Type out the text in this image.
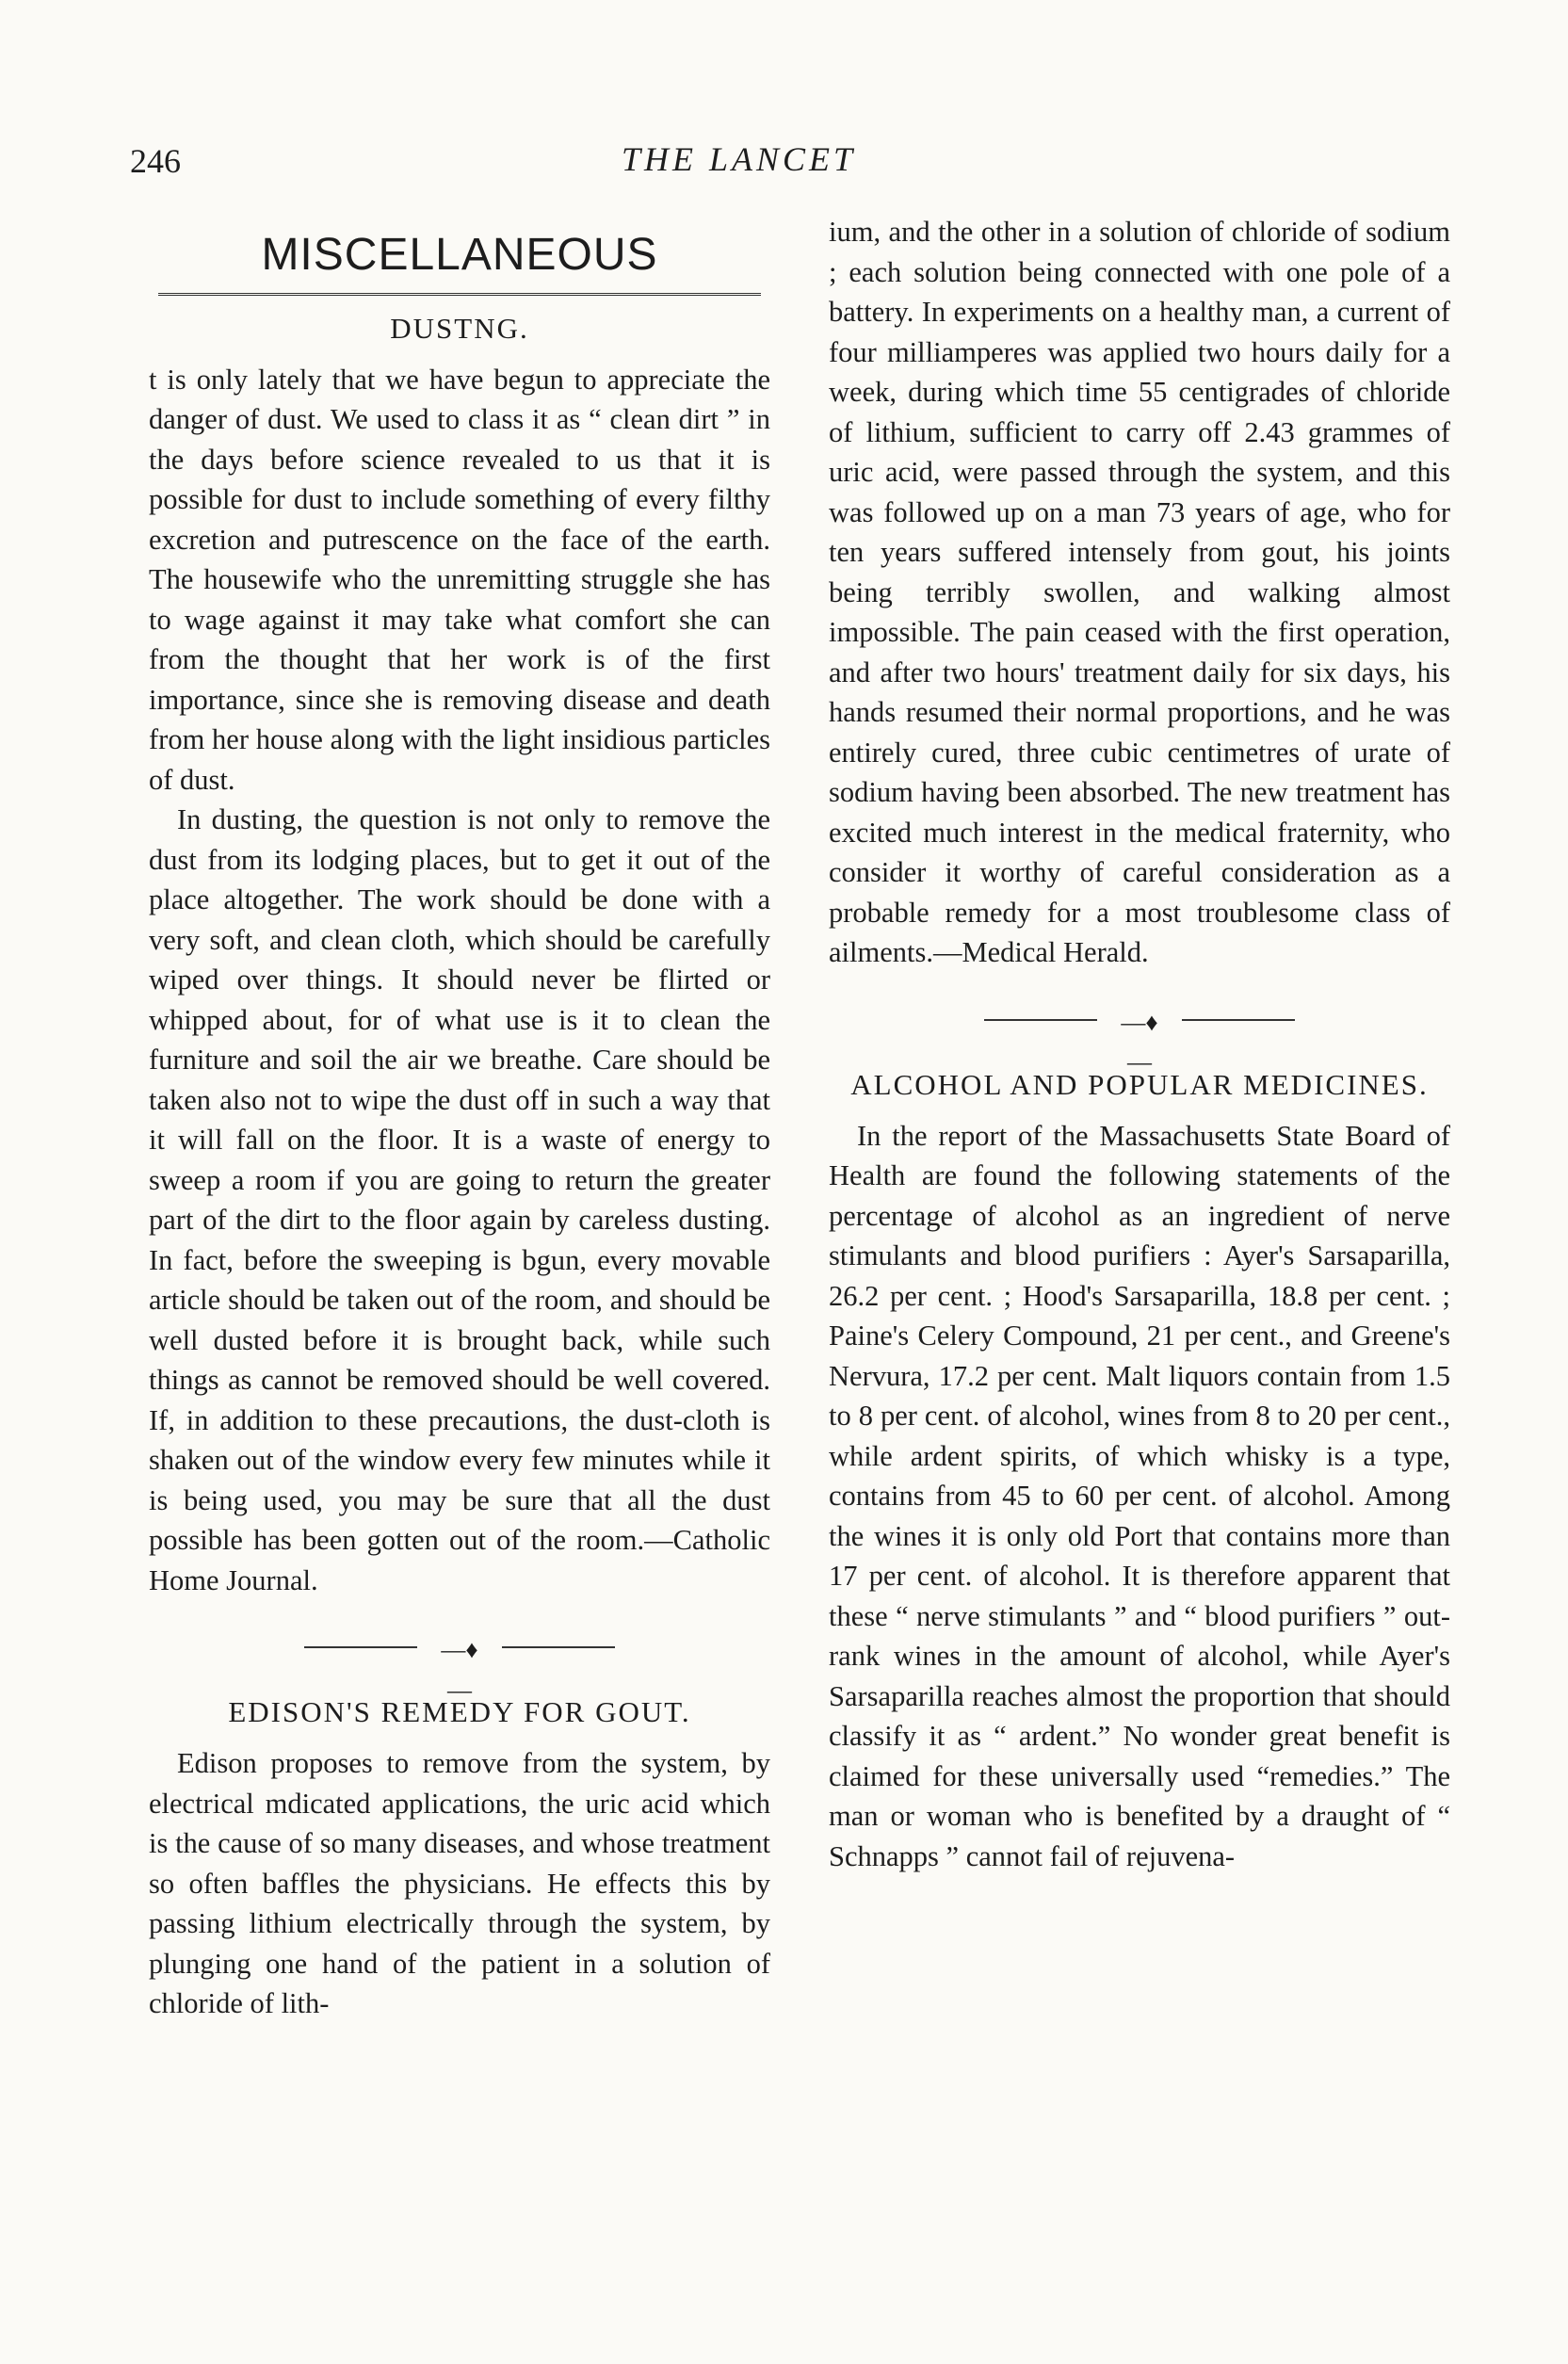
246	THE LANCET
MISCELLANEOUS
DUSTNG.

t is only lately that we have begun to appreciate the danger of dust. We used to class it as “ clean dirt ” in the days before science revealed to us that it is possible for dust to include something of every filthy excretion and putrescence on the face of the earth. The housewife who the unremitting struggle she has to wage against it may take what comfort she can from the thought that her work is of the first importance, since she is removing disease and death from her house along with the light insidious particles of dust.

In dusting, the question is not only to remove the dust from its lodging places, but to get it out of the place altogether. The work should be done with a very soft, and clean cloth, which should be carefully wiped over things. It should never be flirted or whipped about, for of what use is it to clean the furniture and soil the air we breathe. Care should be taken also not to wipe the dust off in such a way that it will fall on the floor. It is a waste of energy to sweep a room if you are going to return the greater part of the dirt to the floor again by careless dusting. In fact, before the sweeping is bgun, every movable article should be taken out of the room, and should be well dusted before it is brought back, while such things as cannot be removed should be well covered. If, in addition to these precautions, the dust-cloth is shaken out of the window every few minutes while it is being used, you may be sure that all the dust possible has been gotten out of the room.—Catholic Home Journal.

—♦—
EDISON'S REMEDY FOR GOUT.

Edison proposes to remove from the system, by electrical mdicated applications, the uric acid which is the cause of so many diseases, and whose treatment so often baffles the physicians. He effects this by passing lithium electrically through the system, by plunging one hand of the patient in a solution of chloride of lith-

ium, and the other in a solution of chloride of sodium ; each solution being connected with one pole of a battery. In experiments on a healthy man, a current of four milliamperes was applied two hours daily for a week, during which time 55 centigrades of chloride of lithium, sufficient to carry off 2.43 grammes of uric acid, were passed through the system, and this was followed up on a man 73 years of age, who for ten years suffered intensely from gout, his joints being terribly swollen, and walking almost impossible. The pain ceased with the first operation, and after two hours' treatment daily for six days, his hands resumed their normal proportions, and he was entirely cured, three cubic centimetres of urate of sodium having been absorbed. The new treatment has excited much interest in the medical fraternity, who consider it worthy of careful consideration as a probable remedy for a most troublesome class of ailments.—Medical Herald.

—♦—
ALCOHOL AND POPULAR MEDICINES.

In the report of the Massachusetts State Board of Health are found the following statements of the percentage of alcohol as an ingredient of nerve stimulants and blood purifiers : Ayer's Sarsaparilla, 26.2 per cent. ; Hood's Sarsaparilla, 18.8 per cent. ; Paine's Celery Compound, 21 per cent., and Greene's Nervura, 17.2 per cent. Malt liquors contain from 1.5 to 8 per cent. of alcohol, wines from 8 to 20 per cent., while ardent spirits, of which whisky is a type, contains from 45 to 60 per cent. of alcohol. Among the wines it is only old Port that contains more than 17 per cent. of alcohol. It is therefore apparent that these “ nerve stimulants ” and “ blood purifiers ” out-rank wines in the amount of alcohol, while Ayer's Sarsaparilla reaches almost the proportion that should classify it as “ ardent.” No wonder great benefit is claimed for these universally used “remedies.” The man or woman who is benefited by a draught of “ Schnapps ” cannot fail of rejuvena-
